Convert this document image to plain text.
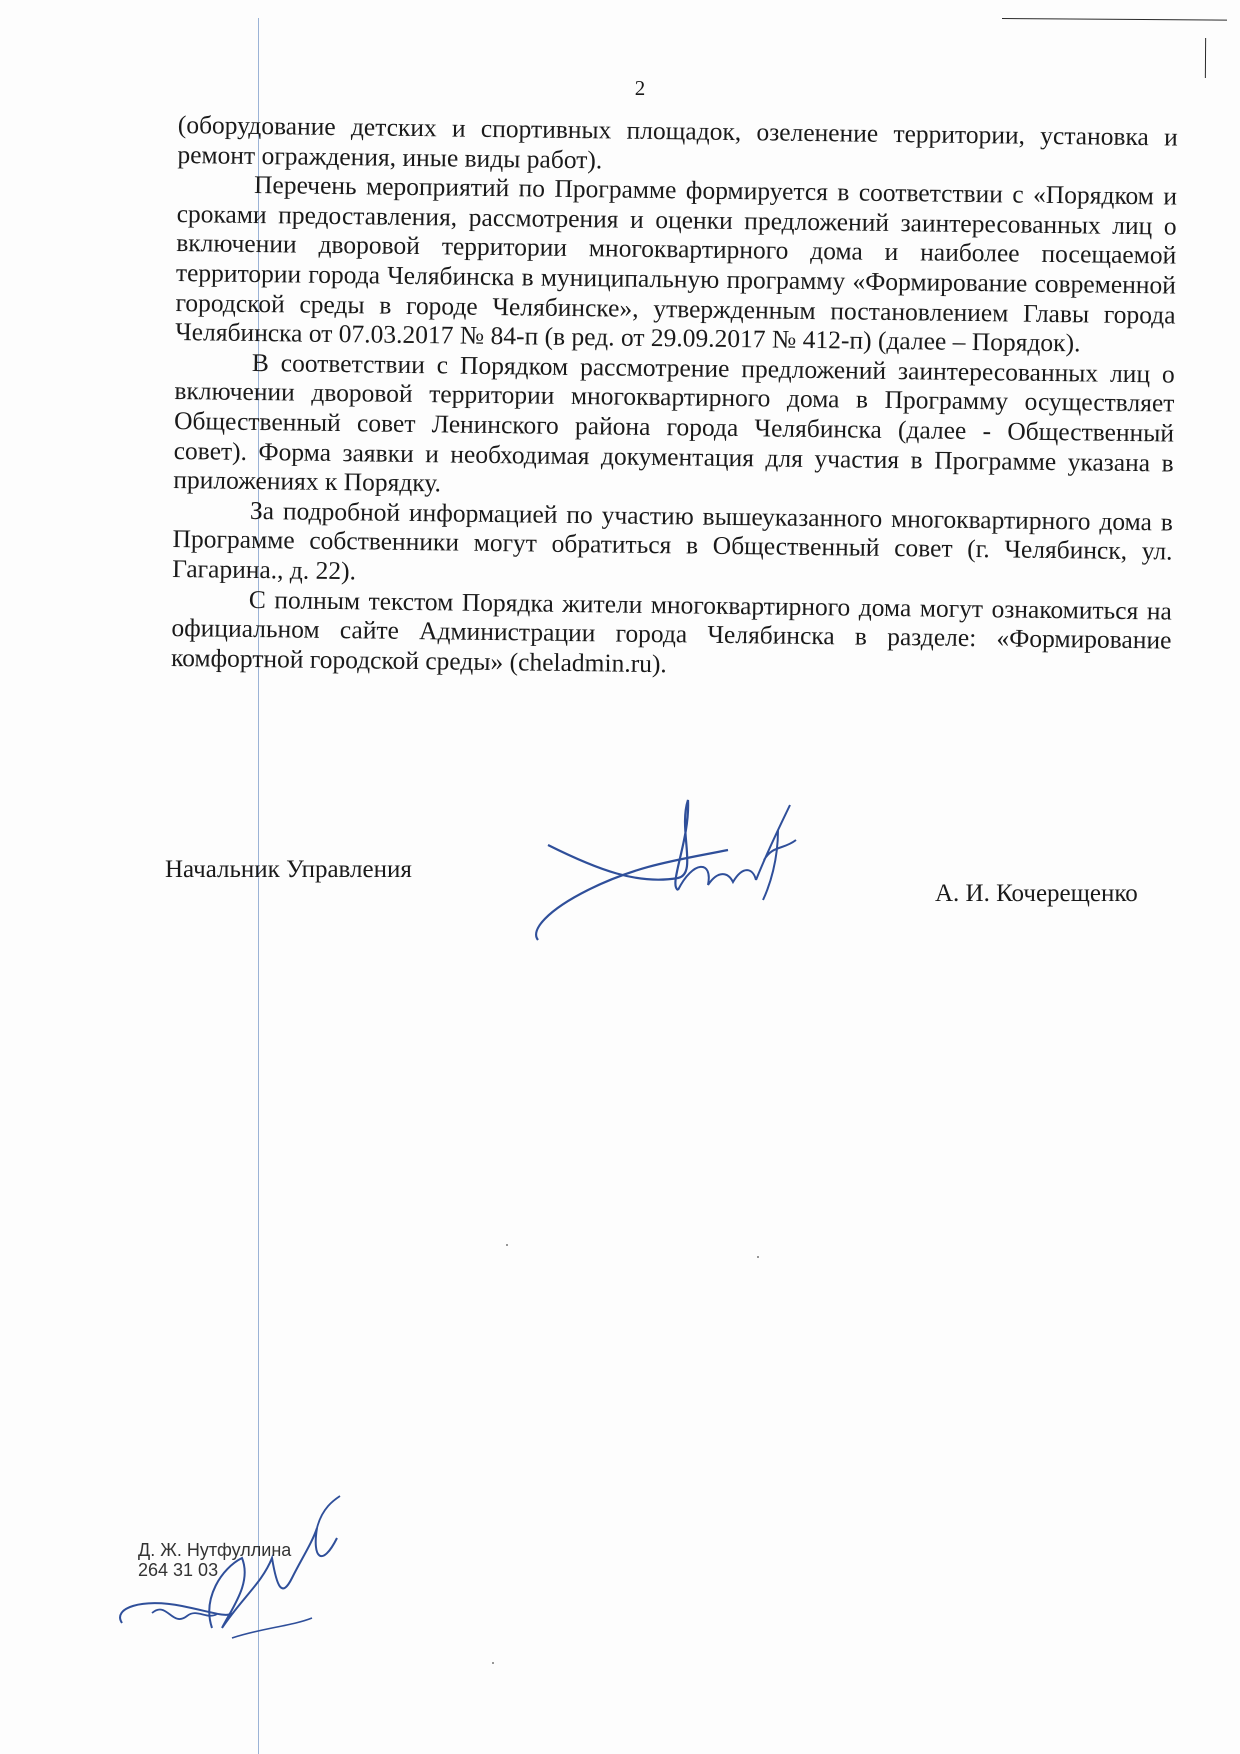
2

(оборудование детских и спортивных площадок, озеленение территории, установка и ремонт ограждения, иные виды работ).

Перечень мероприятий по Программе формируется в соответствии с «Порядком и сроками предоставления, рассмотрения и оценки предложений заинтересованных лиц о включении дворовой территории многоквартирного дома и наиболее посещаемой территории города Челябинска в муниципальную программу «Формирование современной городской среды в городе Челябинске», утвержденным постановлением Главы города Челябинска от 07.03.2017 № 84-п (в ред. от 29.09.2017 № 412-п) (далее – Порядок).

В соответствии с Порядком рассмотрение предложений заинтересованных лиц о включении дворовой территории многоквартирного дома в Программу осуществляет Общественный совет Ленинского района города Челябинска (далее - Общественный совет). Форма заявки и необходимая документация для участия в Программе указана в приложениях к Порядку.

За подробной информацией по участию вышеуказанного многоквартирного дома в Программе собственники могут обратиться в Общественный совет (г. Челябинск, ул. Гагарина., д. 22).

С полным текстом Порядка жители многоквартирного дома могут ознакомиться на официальном сайте Администрации города Челябинска в разделе: «Формирование комфортной городской среды» (cheladmin.ru).

Начальник Управления
А. И. Кочерещенко
Д. Ж. Нутфуллина
264 31 03
